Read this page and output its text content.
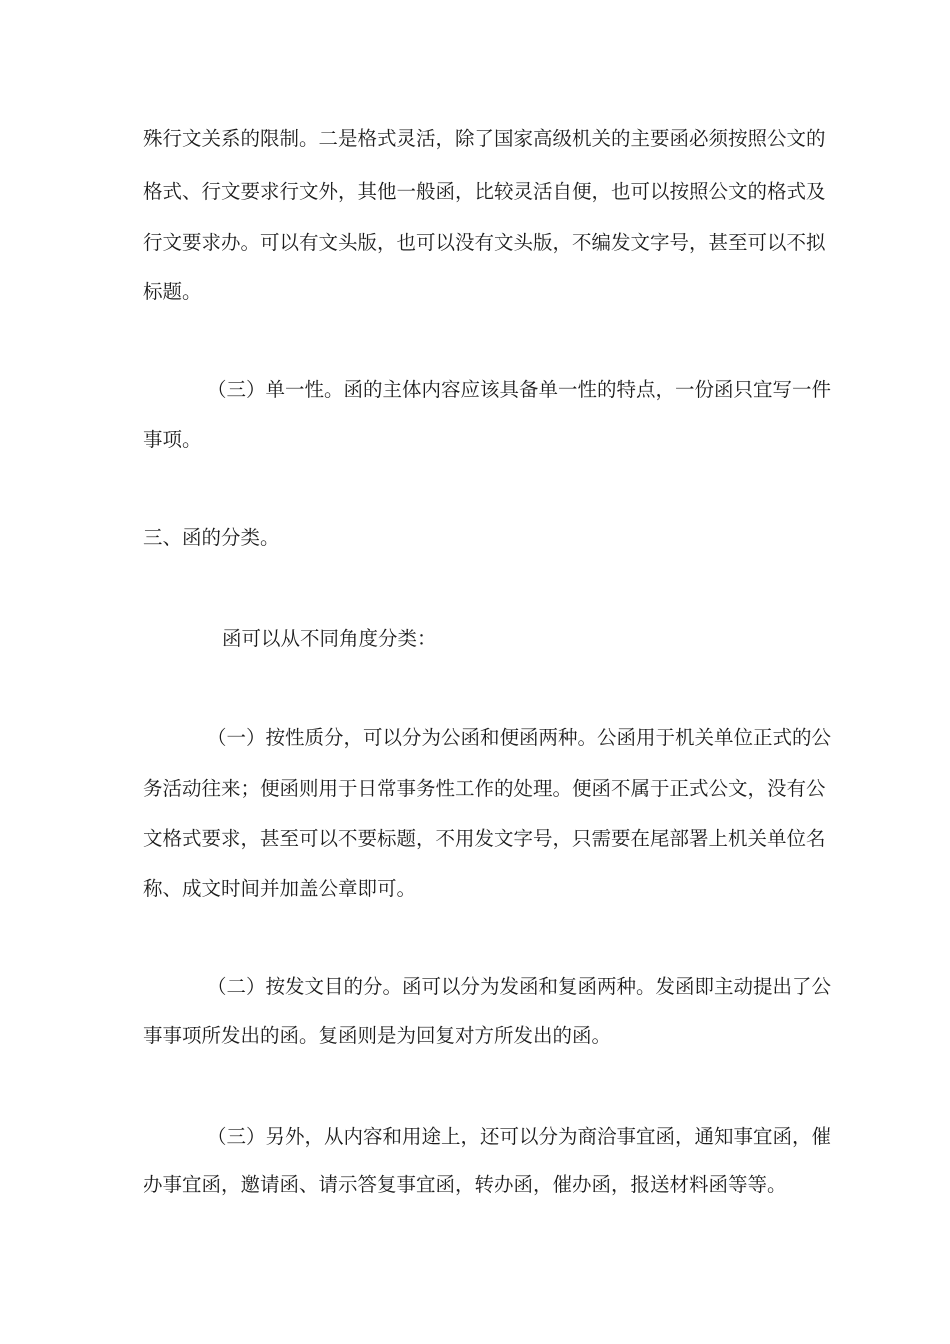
殊行文关系的限制。二是格式灵活，除了国家高级机关的主要函必须按照公文的
格式、行文要求行文外，其他一般函，比较灵活自便，也可以按照公文的格式及
行文要求办。可以有文头版，也可以没有文头版，不编发文字号，甚至可以不拟
标题。
（三）单一性。函的主体内容应该具备单一性的特点，一份函只宜写一件
事项。
三、函的分类。
函可以从不同角度分类：
（一）按性质分，可以分为公函和便函两种。公函用于机关单位正式的公
务活动往来；便函则用于日常事务性工作的处理。便函不属于正式公文，没有公
文格式要求，甚至可以不要标题，不用发文字号，只需要在尾部署上机关单位名
称、成文时间并加盖公章即可。
（二）按发文目的分。函可以分为发函和复函两种。发函即主动提出了公
事事项所发出的函。复函则是为回复对方所发出的函。
（三）另外，从内容和用途上，还可以分为商洽事宜函，通知事宜函，催
办事宜函，邀请函、请示答复事宜函，转办函，催办函，报送材料函等等。
